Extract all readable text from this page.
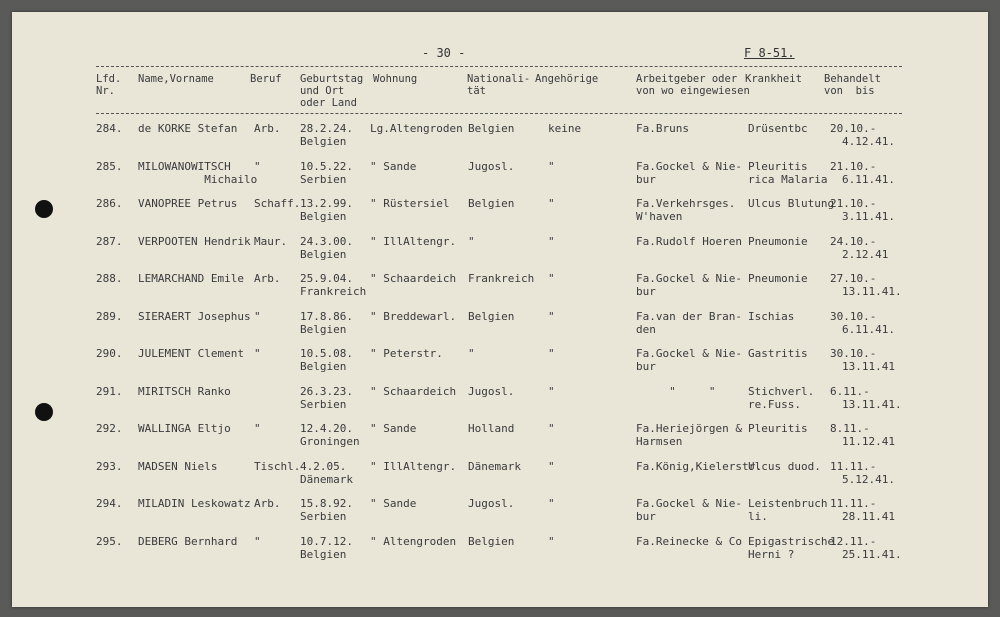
- 30 -	F 8-51.
Lfd.
Nr.
Name,Vorname	Beruf Geburtstag
und Ort
oder Land
Wohnung	Nationali-
tät
Angehörige	Arbeitgeber oder
von wo eingewiesen
Krankheit Behandelt
von  bis
284. de KORKE Stefan Arb. 28.2.24.
Belgien
Lg.Altengroden Belgien	keine	Fa.Bruns	Drüsentbc 20.10.-
4.12.41.
285. MILOWANOWITSCH
Michailo
"	10.5.22.
Serbien
" Sande	Jugosl.	"	Fa.Gockel & Nie-
bur
Pleuritis
rica Malaria
21.10.-
6.11.41.
286. VANOPREE Petrus Schaff. 13.2.99.
Belgien
" Rüstersiel Belgien	"	Fa.Verkehrsges.
W'haven
Ulcus Blutung
21.10.-
3.11.41.
287. VERPOOTEN Hendrik Maur. 24.3.00.
Belgien
" IllAltengr. "	"	Fa.Rudolf Hoeren Pneumonie 24.10.-
2.12.41
288. LEMARCHAND Emile Arb. 25.9.04.
Frankreich
" Schaardeich Frankreich "	Fa.Gockel & Nie-
bur
Pneumonie 27.10.-
13.11.41.
289. SIERAERT Josephus "	17.8.86.
Belgien
" Breddewarl. Belgien	"	Fa.van der Bran-
den
Ischias	30.10.-
6.11.41.
290. JULEMENT Clement "	10.5.08.
Belgien
" Peterstr. "	"	Fa.Gockel & Nie-
bur
Gastritis 30.10.-
13.11.41
291. MIRITSCH Ranko	26.3.23.
Serbien
" Schaardeich Jugosl.	"	"     "	Stichverl.
re.Fuss.
6.11.-
13.11.41.
292. WALLINGA Eltjo "	12.4.20.
Groningen
" Sande	Holland	"	Fa.Heriejörgen &
Harmsen
Pleuritis 8.11.-
11.12.41
293. MADSEN Niels	Tischl. 4.2.05.
Dänemark
" IllAltengr. Dänemark "	Fa.König,Kielerstr.
Ulcus duod. 11.11.-
5.12.41.
294. MILADIN Leskowatz Arb. 15.8.92.
Serbien
" Sande	Jugosl.	"	Fa.Gockel & Nie-
bur
Leistenbruch
li.
11.11.-
28.11.41
295. DEBERG Bernhard "	10.7.12.
Belgien
" Altengroden Belgien	"	Fa.Reinecke & Co Epigastrische
Herni ?
12.11.-
25.11.41.
